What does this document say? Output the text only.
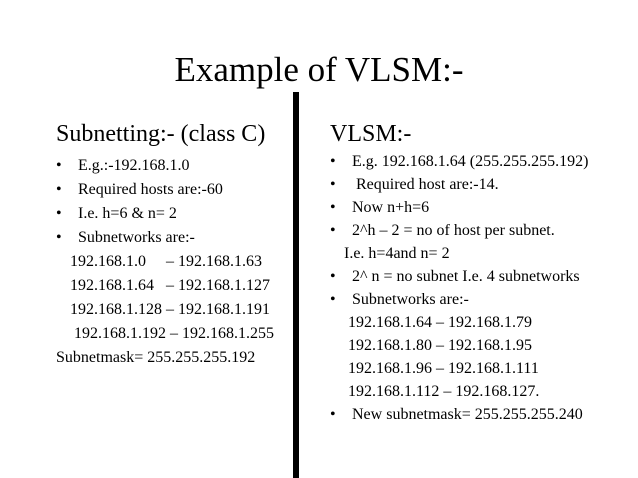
Example of VLSM:-
Subnetting:- (class C)
• E.g.:-192.168.1.0
• Required hosts are:-60
• I.e. h=6 & n= 2
• Subnetworks are:-
192.168.1.0     – 192.168.1.63
192.168.1.64   – 192.168.1.127
192.168.1.128 – 192.168.1.191
192.168.1.192 – 192.168.1.255
Subnetmask= 255.255.255.192
VLSM:-
• E.g. 192.168.1.64 (255.255.255.192)
•  Required host are:-14.
• Now n+h=6
• 2^h – 2 = no of host per subnet.
I.e. h=4and n= 2
• 2^ n = no subnet I.e. 4 subnetworks
• Subnetworks are:-
192.168.1.64 – 192.168.1.79
192.168.1.80 – 192.168.1.95
192.168.1.96 – 192.168.1.111
192.168.1.112 – 192.168.127.
• New subnetmask= 255.255.255.240
